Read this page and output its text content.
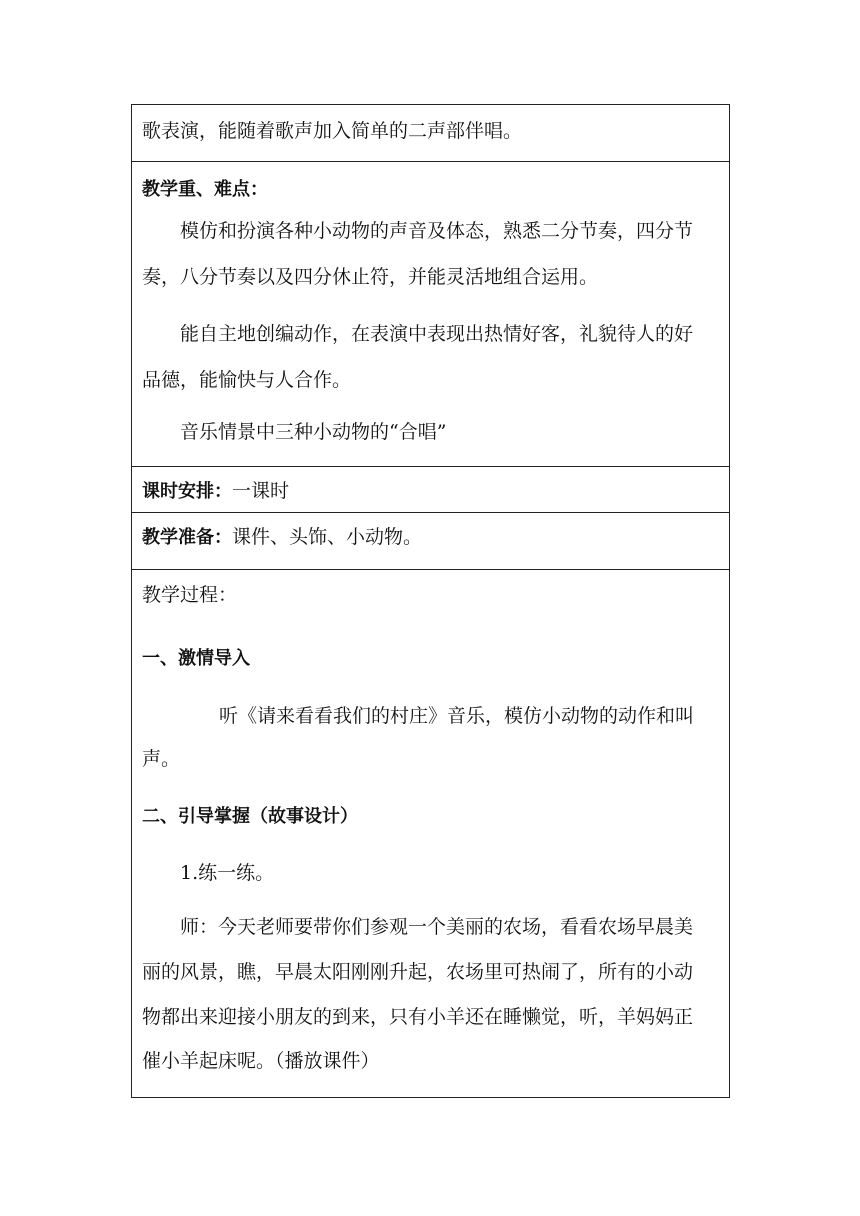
歌表演，能随着歌声加入简单的二声部伴唱。
教学重、难点：
模仿和扮演各种小动物的声音及体态，熟悉二分节奏，四分节
奏，八分节奏以及四分休止符，并能灵活地组合运用。
能自主地创编动作，在表演中表现出热情好客，礼貌待人的好
品德，能愉快与人合作。
音乐情景中三种小动物的“合唱”
课时安排：一课时
教学准备：课件、头饰、小动物。
教学过程：
一、激情导入
听《请来看看我们的村庄》音乐，模仿小动物的动作和叫
声。
二、引导掌握（故事设计）
1.练一练。
师：今天老师要带你们参观一个美丽的农场，看看农场早晨美
丽的风景，瞧，早晨太阳刚刚升起，农场里可热闹了，所有的小动
物都出来迎接小朋友的到来，只有小羊还在睡懒觉，听，羊妈妈正
催小羊起床呢。（播放课件）
